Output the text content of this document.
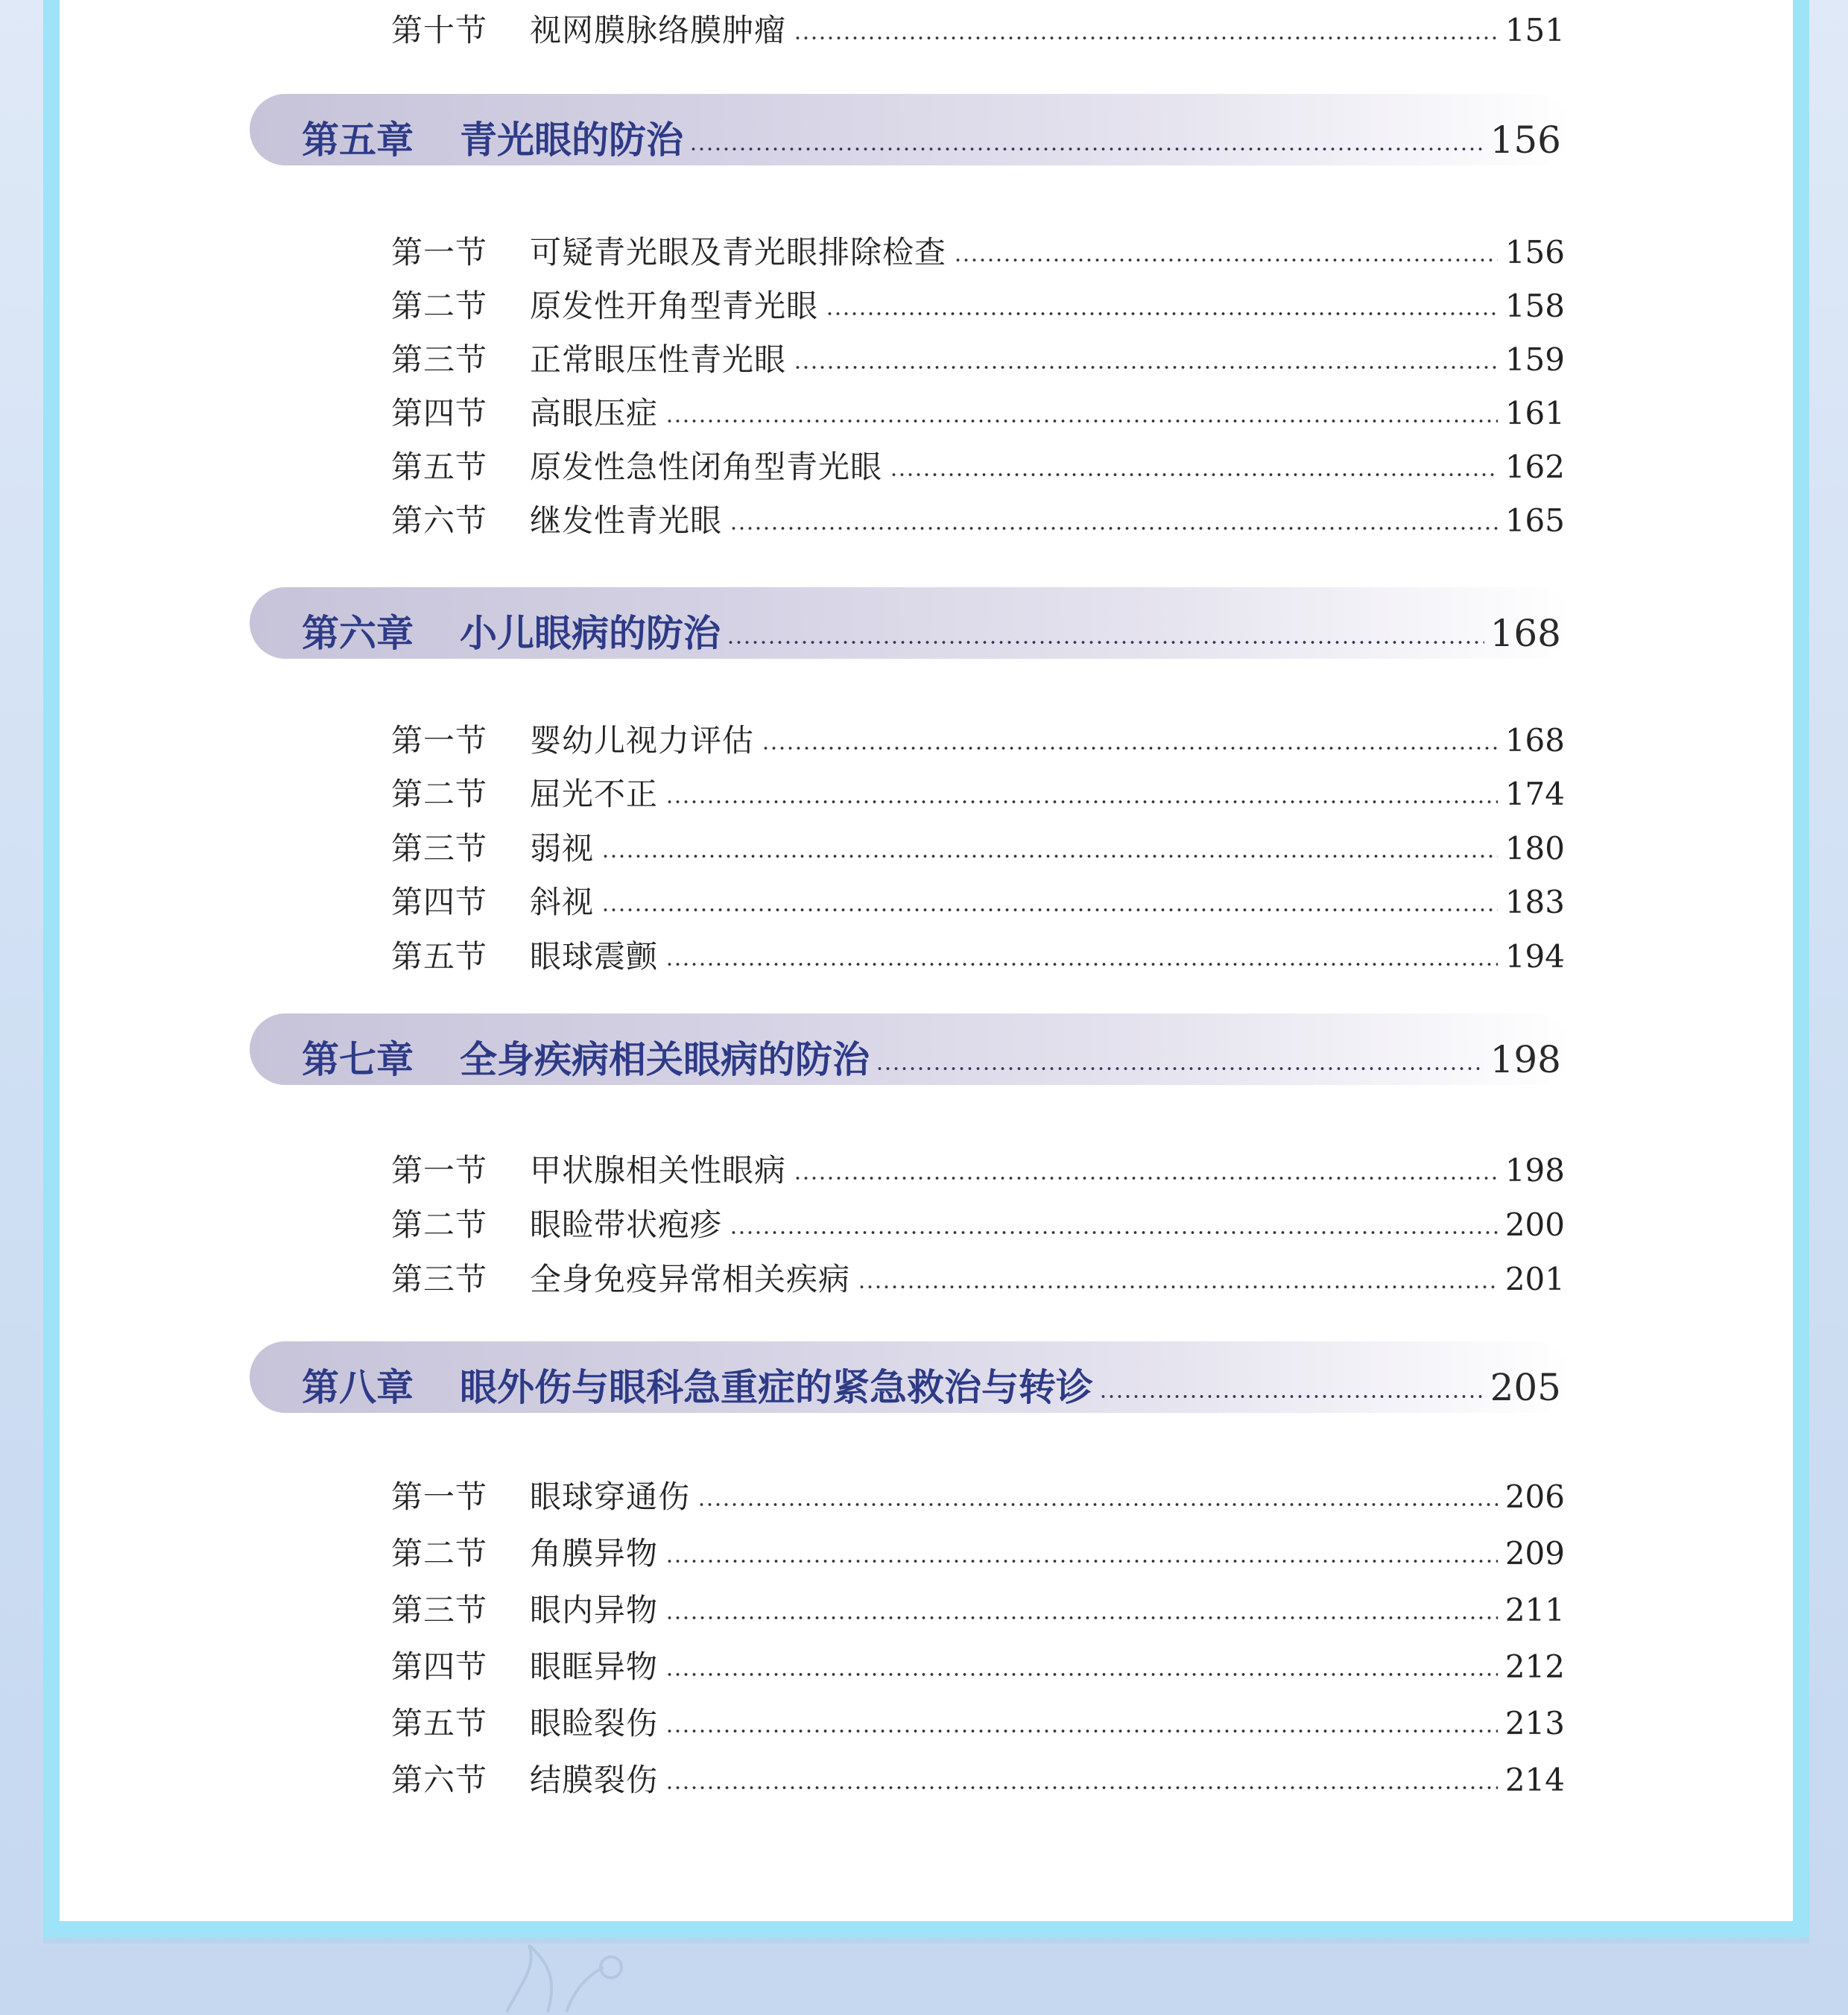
第十节	视网膜脉络膜肿瘤	151
第五章	青光眼的防治	156
第一节	可疑青光眼及青光眼排除检查	156
第二节	原发性开角型青光眼	158
第三节	正常眼压性青光眼	159
第四节	高眼压症	161
第五节	原发性急性闭角型青光眼	162
第六节	继发性青光眼	165
第六章	小儿眼病的防治	168
第一节	婴幼儿视力评估	168
第二节	屈光不正	174
第三节	弱视	180
第四节	斜视	183
第五节	眼球震颤	194
第七章	全身疾病相关眼病的防治	198
第一节	甲状腺相关性眼病	198
第二节	眼睑带状疱疹	200
第三节	全身免疫异常相关疾病	201
第八章	眼外伤与眼科急重症的紧急救治与转诊	205
第一节	眼球穿通伤	206
第二节	角膜异物	209
第三节	眼内异物	211
第四节	眼眶异物	212
第五节	眼睑裂伤	213
第六节	结膜裂伤	214
